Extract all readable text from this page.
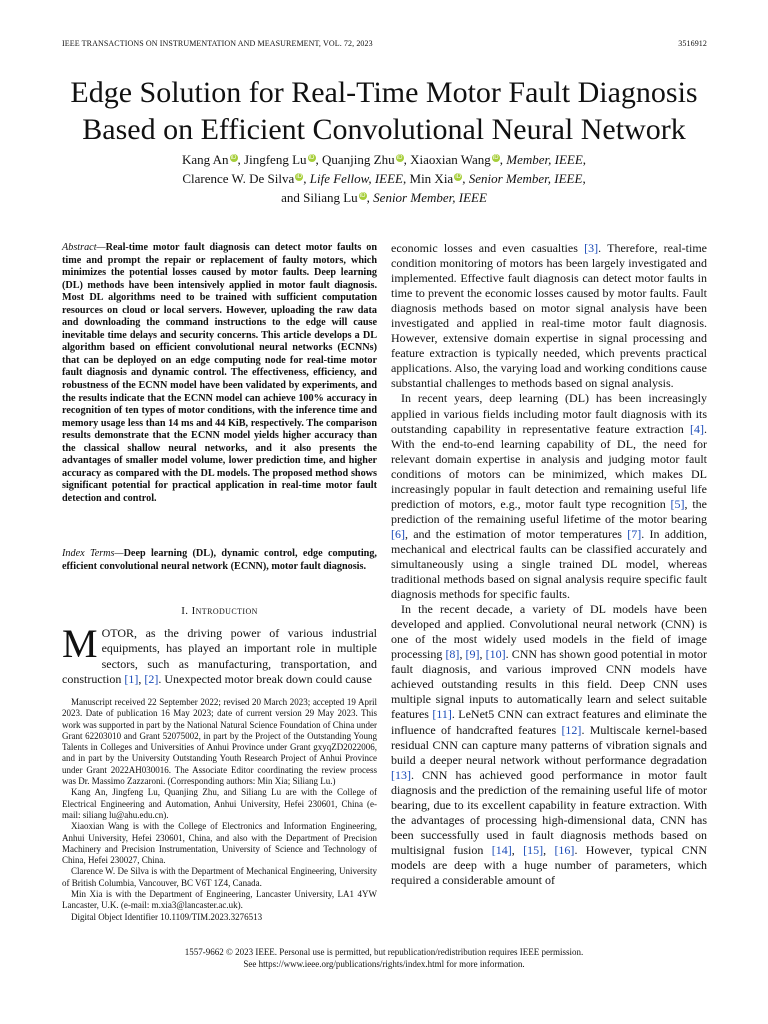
IEEE TRANSACTIONS ON INSTRUMENTATION AND MEASUREMENT, VOL. 72, 2023	3516912
Edge Solution for Real-Time Motor Fault Diagnosis
Based on Efficient Convolutional Neural Network
Kang An iD, Jingfeng Lu iD, Quanjing Zhu iD, Xiaoxian Wang iD, Member, IEEE,
Clarence W. De Silva iD, Life Fellow, IEEE, Min Xia iD, Senior Member, IEEE,
and Siliang Lu iD, Senior Member, IEEE
Abstract—Real-time motor fault diagnosis can detect motor faults on time and prompt the repair or replacement of faulty motors, which minimizes the potential losses caused by motor faults. Deep learning (DL) methods have been intensively applied in motor fault diagnosis. Most DL algorithms need to be trained with sufficient computation resources on cloud or local servers. However, uploading the raw data and downloading the command instructions to the edge will cause inevitable time delays and security concerns. This article develops a DL algorithm based on efficient convolutional neural networks (ECNNs) that can be deployed on an edge computing node for real-time motor fault diagnosis and dynamic control. The effectiveness, efficiency, and robustness of the ECNN model have been validated by experiments, and the results indicate that the ECNN model can achieve 100% accuracy in recognition of ten types of motor conditions, with the inference time and memory usage less than 14 ms and 44 KiB, respectively. The comparison results demonstrate that the ECNN model yields higher accuracy than the classical shallow neural networks, and it also presents the advantages of smaller model volume, lower prediction time, and higher accuracy as compared with the DL models. The proposed method shows significant potential for practical application in real-time motor fault detection and control.
Index Terms—Deep learning (DL), dynamic control, edge computing, efficient convolutional neural network (ECNN), motor fault diagnosis.
I. Introduction
MOTOR, as the driving power of various industrial equipments, has played an important role in multiple sectors, such as manufacturing, transportation, and construction [1], [2]. Unexpected motor break down could cause

Manuscript received 22 September 2022; revised 20 March 2023; accepted 19 April 2023. Date of publication 16 May 2023; date of current version 29 May 2023. This work was supported in part by the National Natural Science Foundation of China under Grant 62203010 and Grant 52075002, in part by the Project of the Outstanding Young Talents in Colleges and Universities of Anhui Province under Grant gxyqZD2022006, and in part by the University Outstanding Youth Research Project of Anhui Province under Grant 2022AH030016. The Associate Editor coordinating the review process was Dr. Massimo Zazzaroni. (Corresponding authors: Min Xia; Siliang Lu.)

Kang An, Jingfeng Lu, Quanjing Zhu, and Siliang Lu are with the College of Electrical Engineering and Automation, Anhui University, Hefei 230601, China (e-mail: siliang lu@ahu.edu.cn).

Xiaoxian Wang is with the College of Electronics and Information Engineering, Anhui University, Hefei 230601, China, and also with the Department of Precision Machinery and Precision Instrumentation, University of Science and Technology of China, Hefei 230027, China.

Clarence W. De Silva is with the Department of Mechanical Engineering, University of British Columbia, Vancouver, BC V6T 1Z4, Canada.

Min Xia is with the Department of Engineering, Lancaster University, LA1 4YW Lancaster, U.K. (e-mail: m.xia3@lancaster.ac.uk).

Digital Object Identifier 10.1109/TIM.2023.3276513

economic losses and even casualties [3]. Therefore, real-time condition monitoring of motors has been largely investigated and implemented. Effective fault diagnosis can detect motor faults in time to prevent the economic losses caused by motor faults. Fault diagnosis methods based on motor signal analysis have been investigated and applied in real-time motor fault diagnosis. However, extensive domain expertise in signal processing and feature extraction is typically needed, which prevents practical applications. Also, the varying load and working conditions cause substantial challenges to methods based on signal analysis.

In recent years, deep learning (DL) has been increasingly applied in various fields including motor fault diagnosis with its outstanding capability in representative feature extraction [4]. With the end-to-end learning capability of DL, the need for relevant domain expertise in analysis and judging motor fault conditions of motors can be minimized, which makes DL increasingly popular in fault detection and remaining useful life prediction of motors, e.g., motor fault type recognition [5], the prediction of the remaining useful lifetime of the motor bearing [6], and the estimation of motor temperatures [7]. In addition, mechanical and electrical faults can be classified accurately and simultaneously using a single trained DL model, whereas traditional methods based on signal analysis require specific fault diagnosis methods for specific faults.

In the recent decade, a variety of DL models have been developed and applied. Convolutional neural network (CNN) is one of the most widely used models in the field of image processing [8], [9], [10]. CNN has shown good potential in motor fault diagnosis, and various improved CNN models have achieved outstanding results in this field. Deep CNN uses multiple signal inputs to automatically learn and select suitable features [11]. LeNet5 CNN can extract features and eliminate the influence of handcrafted features [12]. Multiscale kernel-based residual CNN can capture many patterns of vibration signals and build a deeper neural network without performance degradation [13]. CNN has achieved good performance in motor fault diagnosis and the prediction of the remaining useful life of motor bearing, due to its excellent capability in feature extraction. With the advantages of processing high-dimensional data, CNN has been successfully used in fault diagnosis methods based on multisignal fusion [14], [15], [16]. However, typical CNN models are deep with a huge number of parameters, which required a considerable amount of

1557-9662 © 2023 IEEE. Personal use is permitted, but republication/redistribution requires IEEE permission.
See https://www.ieee.org/publications/rights/index.html for more information.
